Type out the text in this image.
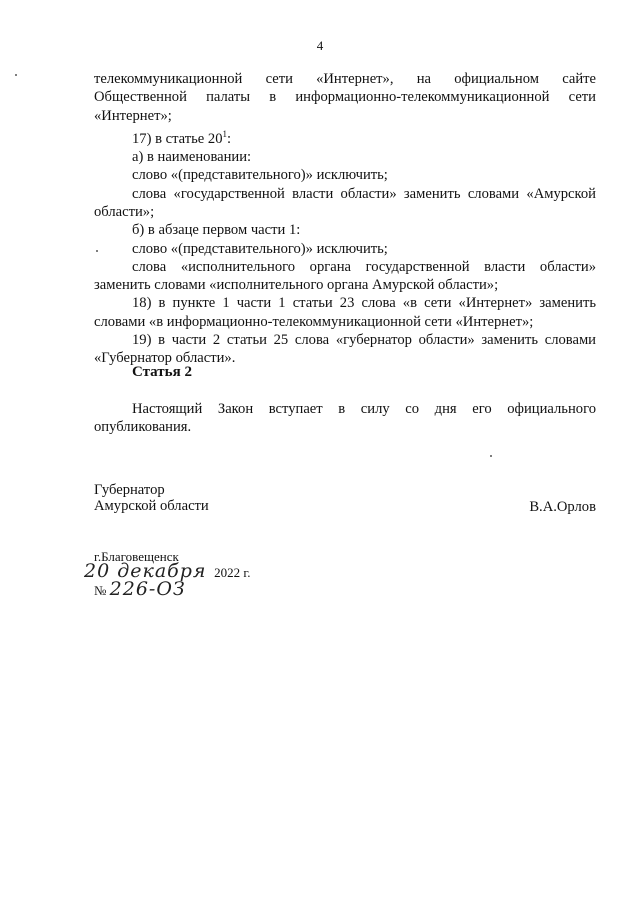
4

телекоммуникационной сети «Интернет», на официальном сайте

Общественной палаты в информационно-телекоммуникационной сети

«Интернет»;

17) в статье $20^1$:

а) в наименовании:

слово «(представительного)» исключить;

слова «государственной власти области» заменить словами «Амурской области»;

б) в абзаце первом части 1:

слово «(представительного)» исключить;

слова «исполнительного органа государственной власти области» заменить словами «исполнительного органа Амурской области»;

18) в пункте 1 части 1 статьи 23 слова «в сети «Интернет» заменить словами «в информационно-телекоммуникационной сети «Интернет»;

19) в части 2 статьи 25 слова «губернатор области» заменить словами «Губернатор области».

Статья 2

Настоящий Закон вступает в силу со дня его официального опубликования.

Губернатор
Амурской области	В.А.Орлов
г.Благовещенск
20 декабря 2022 г.
№ 226-ОЗ
